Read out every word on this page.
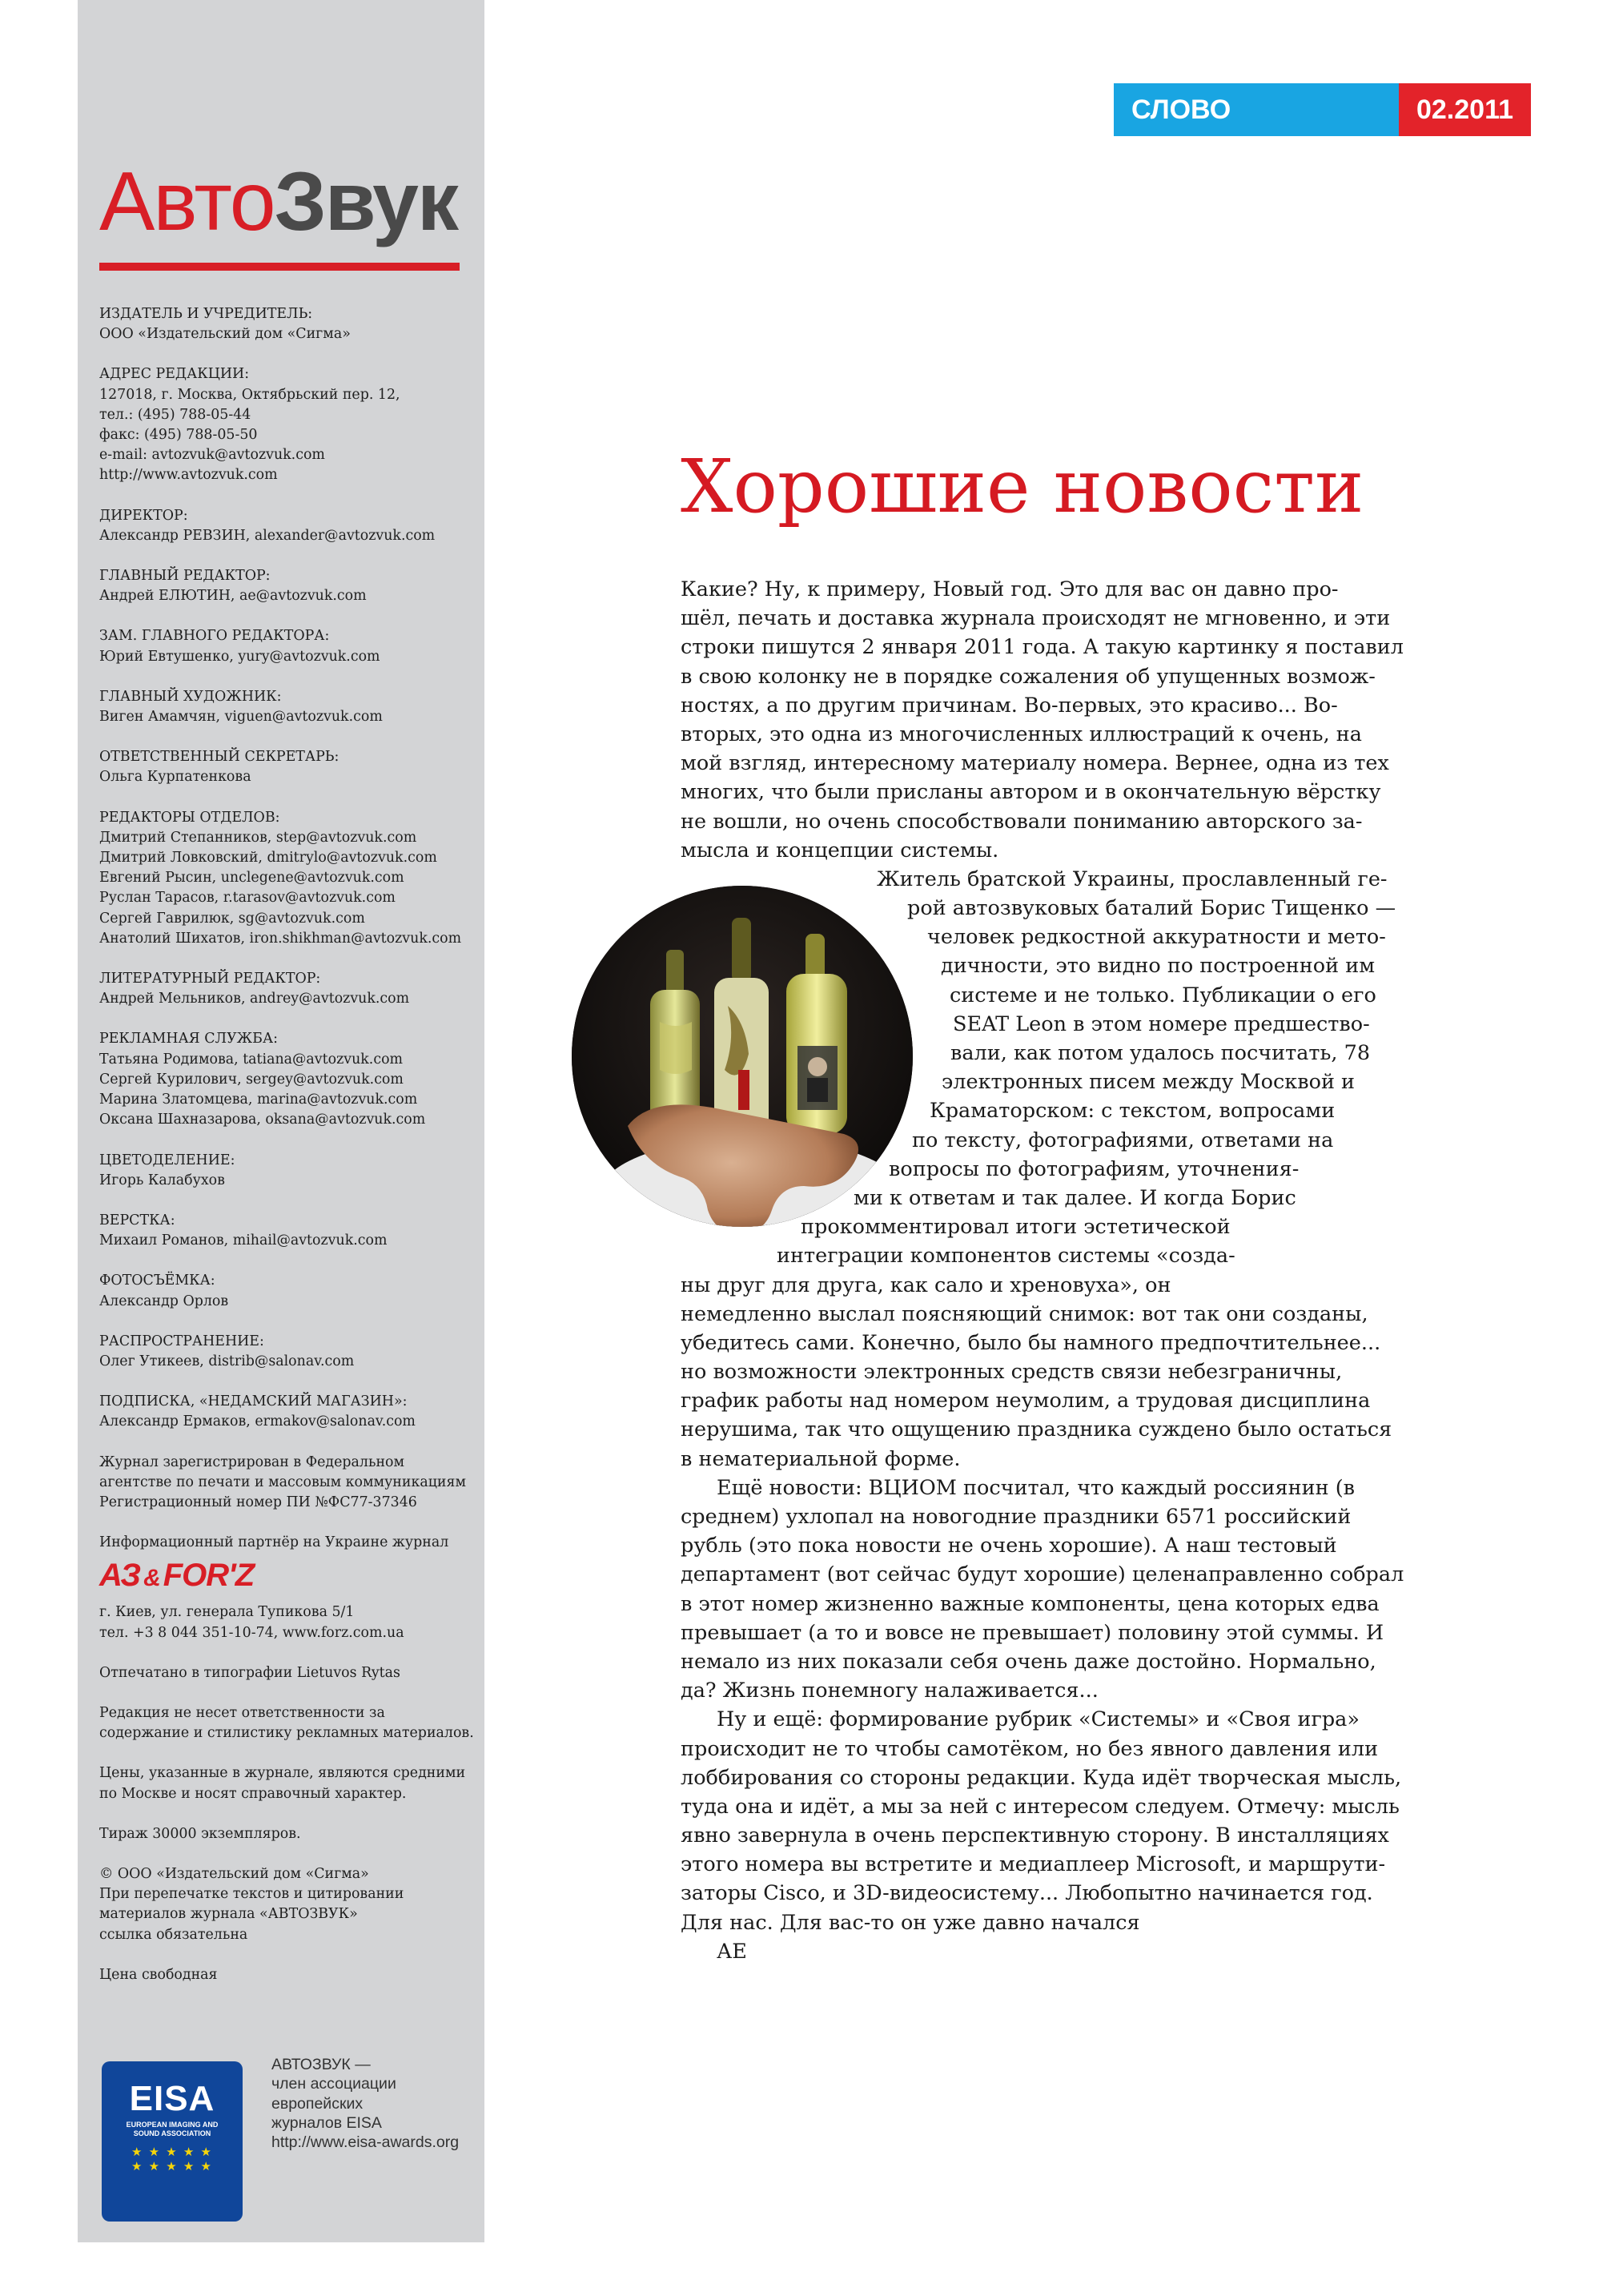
АвтоЗвук
ИЗДАТЕЛЬ И УЧРЕДИТЕЛЬ:
ООО «Издательский дом «Сигма»
АДРЕС РЕДАКЦИИ:
127018, г. Москва, Октябрьский пер. 12,
тел.: (495) 788-05-44
факс: (495) 788-05-50
e-mail: avtozvuk@avtozvuk.com
http://www.avtozvuk.com
ДИРЕКТОР:
Александр РЕВЗИН, alexander@avtozvuk.com
ГЛАВНЫЙ РЕДАКТОР:
Андрей ЕЛЮТИН, ae@avtozvuk.com
ЗАМ. ГЛАВНОГО РЕДАКТОРА:
Юрий Евтушенко, yury@avtozvuk.com
ГЛАВНЫЙ ХУДОЖНИК:
Виген Амамчян, viguen@avtozvuk.com
ОТВЕТСТВЕННЫЙ СЕКРЕТАРЬ:
Ольга Курпатенкова
РЕДАКТОРЫ ОТДЕЛОВ:
Дмитрий Степанников, step@avtozvuk.com
Дмитрий Ловковский, dmitrylo@avtozvuk.com
Евгений Рысин, unclegene@avtozvuk.com
Руслан Тарасов, r.tarasov@avtozvuk.com
Сергей Гаврилюк, sg@avtozvuk.com
Анатолий Шихатов, iron.shikhman@avtozvuk.com
ЛИТЕРАТУРНЫЙ РЕДАКТОР:
Андрей Мельников, andrey@avtozvuk.com
РЕКЛАМНАЯ СЛУЖБА:
Татьяна Родимова, tatiana@avtozvuk.com
Сергей Курилович, sergey@avtozvuk.com
Марина Златомцева, marina@avtozvuk.com
Оксана Шахназарова, oksana@avtozvuk.com
ЦВЕТОДЕЛЕНИЕ:
Игорь Калабухов
ВЕРСТКА:
Михаил Романов, mihail@avtozvuk.com
ФОТОСЪЁМКА:
Александр Орлов
РАСПРОСТРАНЕНИЕ:
Олег Утикеев, distrib@salonav.com
ПОДПИСКА, «НЕДАМСКИЙ МАГАЗИН»:
Александр Ермаков, ermakov@salonav.com
Журнал зарегистрирован в Федеральном
агентстве по печати и массовым коммуникациям
Регистрационный номер ПИ №ФС77-37346
Информационный партнёр на Украине журнал
АЗ & FOR'Z
г. Киев, ул. генерала Тупикова 5/1
тел. +3 8 044 351-10-74, www.forz.com.ua
Отпечатано в типографии Lietuvos Rytas
Редакция не несет ответственности за
содержание и стилистику рекламных материалов.
Цены, указанные в журнале, являются средними
по Москве и носят справочный характер.
Тираж 30000 экземпляров.
© ООО «Издательский дом «Сигма»
При перепечатке текстов и цитировании
материалов журнала «АВТОЗВУК»
ссылка обязательна
Цена свободная
EISA
EUROPEAN IMAGING AND
SOUND ASSOCIATION
★ ★ ★ ★ ★
★ ★ ★ ★ ★
АВТОЗВУК —
член ассоциации
европейских
журналов EISA
http://www.eisa-awards.org
СЛОВО	02.2011
Хорошие новости
Какие? Ну, к примеру, Новый год. Это для вас он давно про-
шёл, печать и доставка журнала происходят не мгновенно, и эти
строки пишутся 2 января 2011 года. А такую картинку я поставил
в свою колонку не в порядке сожаления об упущенных возмож-
ностях, а по другим причинам. Во-первых, это красиво... Во-
вторых, это одна из многочисленных иллюстраций к очень, на
мой взгляд, интересному материалу номера. Вернее, одна из тех
многих, что были присланы автором и в окончательную вёрстку
не вошли, но очень способствовали пониманию авторского за-
мысла и концепции системы.
Житель братской Украины, прославленный ге-
рой автозвуковых баталий Борис Тищенко —
человек редкостной аккуратности и мето-
дичности, это видно по построенной им
системе и не только. Публикации о его
SEAT Leon в этом номере предшество-
вали, как потом удалось посчитать, 78
электронных писем между Москвой и
Краматорском: с текстом, вопросами
по тексту, фотографиями, ответами на
вопросы по фотографиям, уточнения-
ми к ответам и так далее. И когда Борис
прокомментировал итоги эстетической
интеграции компонентов системы «созда-
ны друг для друга, как сало и хреновуха», он
немедленно выслал поясняющий снимок: вот так они созданы,
убедитесь сами. Конечно, было бы намного предпочтительнее...
но возможности электронных средств связи небезграничны,
график работы над номером неумолим, а трудовая дисциплина
нерушима, так что ощущению праздника суждено было остаться
в нематериальной форме.
Ещё новости: ВЦИОМ посчитал, что каждый россиянин (в
среднем) ухлопал на новогодние праздники 6571 российский
рубль (это пока новости не очень хорошие). А наш тестовый
департамент (вот сейчас будут хорошие) целенаправленно собрал
в этот номер жизненно важные компоненты, цена которых едва
превышает (а то и вовсе не превышает) половину этой суммы. И
немало из них показали себя очень даже достойно. Нормально,
да? Жизнь понемногу налаживается...
Ну и ещё: формирование рубрик «Системы» и «Своя игра»
происходит не то чтобы самотёком, но без явного давления или
лоббирования со стороны редакции. Куда идёт творческая мысль,
туда она и идёт, а мы за ней с интересом следуем. Отмечу: мысль
явно завернула в очень перспективную сторону. В инсталляциях
этого номера вы встретите и медиаплеер Microsoft, и маршрути-
заторы Cisco, и 3D-видеосистему... Любопытно начинается год.
Для нас. Для вас-то он уже давно начался
АЕ
